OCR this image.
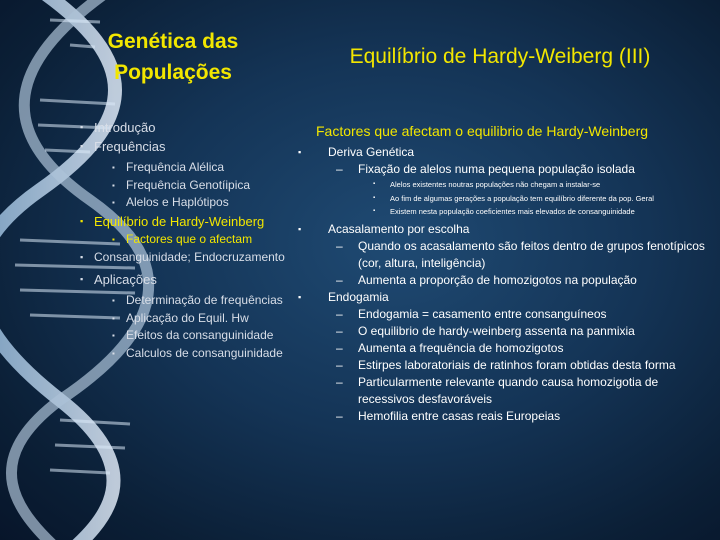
Genética das
Populações
Equilíbrio de Hardy-Weiberg (III)
▪ Introdução
▪ Frequências
▪ Frequência Alélica
▪ Frequência Genotíipica
▪ Alelos e Haplótipos
▪ Equilíbrio de Hardy-Weinberg
▪ Factores que o afectam
▪ Consanguinidade; Endocruzamento
▪ Aplicações
▪ Determinação de frequências
▪ Aplicação do Equil. Hw
▪ Efeitos da consanguinidade
▪ Calculos de consanguinidade
Factores que afectam o equilibrio de Hardy-Weinberg
▪ Deriva Genética
– Fixação de alelos numa pequena população isolada
▪ Alelos existentes noutras populações não chegam a instalar-se
▪ Ao fim de algumas gerações a população tem equilíbrio diferente da pop. Geral
▪ Existem nesta população coeficientes mais elevados de consanguinidade
▪ Acasalamento por escolha
– Quando os acasalamento são feitos dentro de grupos fenotípicos (cor, altura, inteligência)
– Aumenta a proporção de homozigotos na população
▪ Endogamia
– Endogamia = casamento entre consanguíneos
– O equilibrio de hardy-weinberg assenta na panmixia
– Aumenta a frequência de homozigotos
– Estirpes laboratoriais de ratinhos foram obtidas desta forma
– Particularmente relevante quando causa homozigotia de recessivos desfavoráveis
– Hemofilia entre casas reais Europeias
